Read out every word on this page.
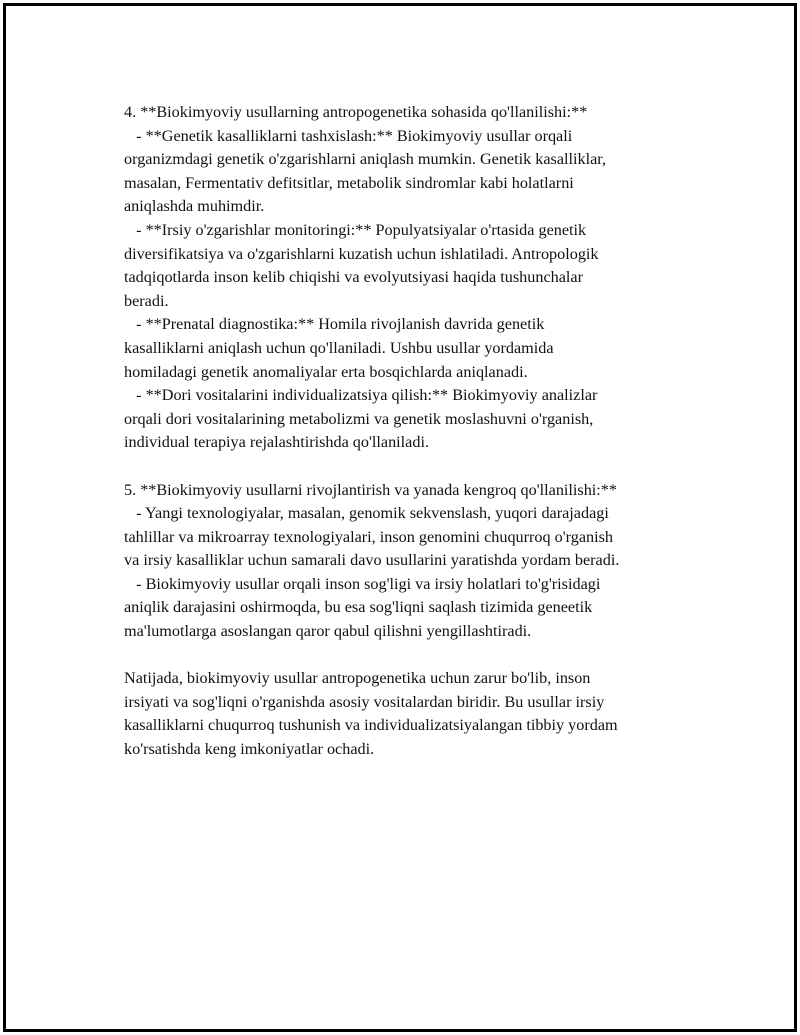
4. **Biokimyoviy usullarning antropogenetika sohasida qo'llanilishi:**
- **Genetik kasalliklarni tashxislash:** Biokimyoviy usullar orqali
organizmdagi genetik o'zgarishlarni aniqlash mumkin. Genetik kasalliklar,
masalan, Fermentativ defitsitlar, metabolik sindromlar kabi holatlarni
aniqlashda muhimdir.
- **Irsiy o'zgarishlar monitoringi:** Populyatsiyalar o'rtasida genetik
diversifikatsiya va o'zgarishlarni kuzatish uchun ishlatiladi. Antropologik
tadqiqotlarda inson kelib chiqishi va evolyutsiyasi haqida tushunchalar
beradi.
- **Prenatal diagnostika:** Homila rivojlanish davrida genetik
kasalliklarni aniqlash uchun qo'llaniladi. Ushbu usullar yordamida
homiladagi genetik anomaliyalar erta bosqichlarda aniqlanadi.
- **Dori vositalarini individualizatsiya qilish:** Biokimyoviy analizlar
orqali dori vositalarining metabolizmi va genetik moslashuvni o'rganish,
individual terapiya rejalashtirishda qo'llaniladi.
5. **Biokimyoviy usullarni rivojlantirish va yanada kengroq qo'llanilishi:**
- Yangi texnologiyalar, masalan, genomik sekvenslash, yuqori darajadagi
tahlillar va mikroarray texnologiyalari, inson genomini chuqurroq o'rganish
va irsiy kasalliklar uchun samarali davo usullarini yaratishda yordam beradi.
- Biokimyoviy usullar orqali inson sog'ligi va irsiy holatlari to'g'risidagi
aniqlik darajasini oshirmoqda, bu esa sog'liqni saqlash tizimida geneetik
ma'lumotlarga asoslangan qaror qabul qilishni yengillashtiradi.
Natijada, biokimyoviy usullar antropogenetika uchun zarur bo'lib, inson
irsiyati va sog'liqni o'rganishda asosiy vositalardan biridir. Bu usullar irsiy
kasalliklarni chuqurroq tushunish va individualizatsiyalangan tibbiy yordam
ko'rsatishda keng imkoniyatlar ochadi.
